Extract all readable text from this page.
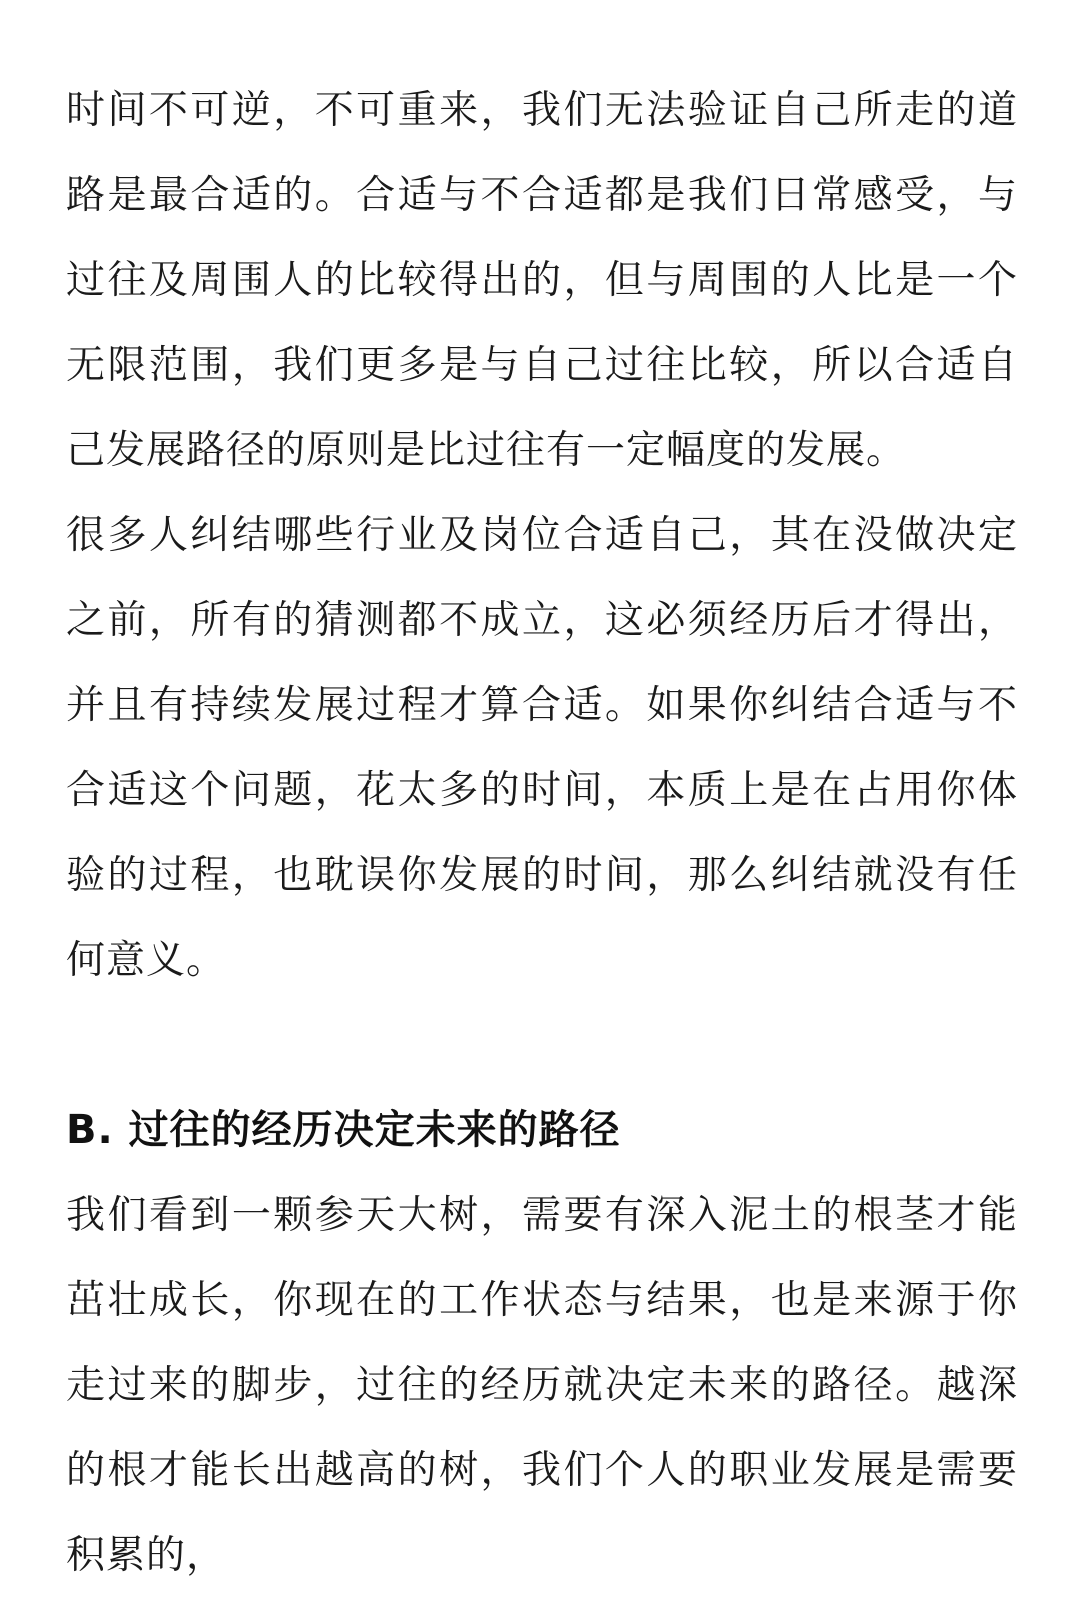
时间不可逆，不可重来，我们无法验证自己所走的道路是最合适的。合适与不合适都是我们日常感受，与过往及周围人的比较得出的，但与周围的人比是一个无限范围，我们更多是与自己过往比较，所以合适自己发展路径的原则是比过往有一定幅度的发展。

很多人纠结哪些行业及岗位合适自己，其在没做决定之前，所有的猜测都不成立，这必须经历后才得出，并且有持续发展过程才算合适。如果你纠结合适与不合适这个问题，花太多的时间，本质上是在占用你体验的过程，也耽误你发展的时间，那么纠结就没有任何意义。

B. 过往的经历决定未来的路径

我们看到一颗参天大树，需要有深入泥土的根茎才能茁壮成长，你现在的工作状态与结果，也是来源于你走过来的脚步，过往的经历就决定未来的路径。越深的根才能长出越高的树，我们个人的职业发展是需要积累的，
